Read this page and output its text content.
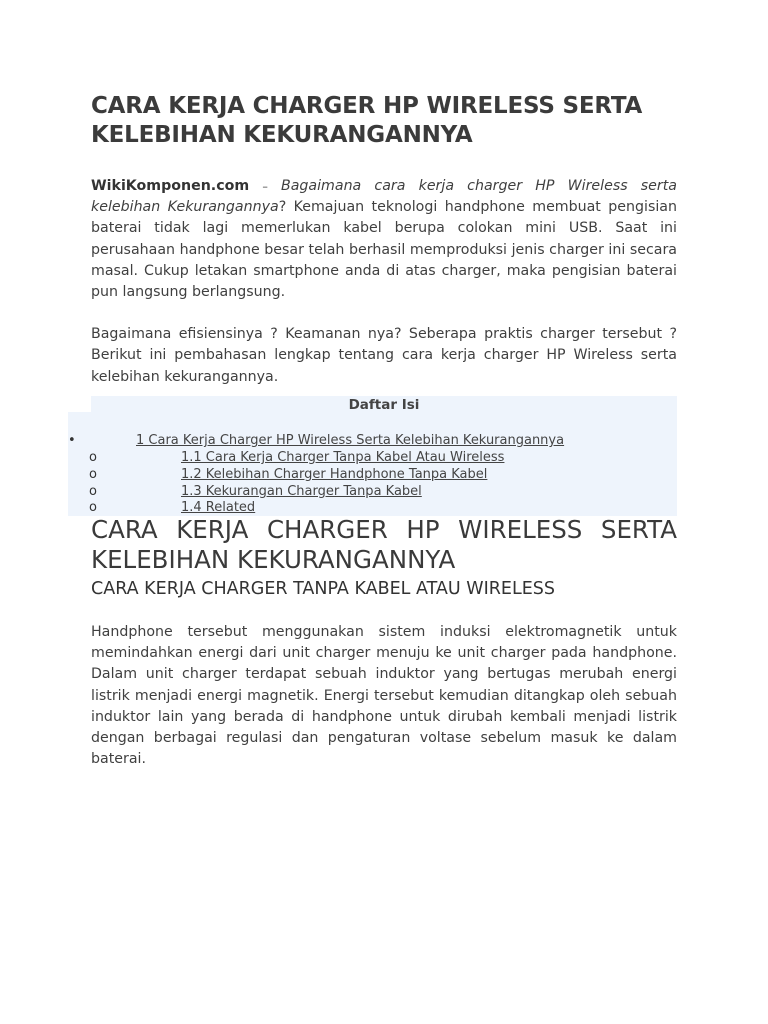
CARA KERJA CHARGER HP WIRELESS SERTA KELEBIHAN KEKURANGANNYA

WikiKomponen.com – Bagaimana cara kerja charger HP Wireless serta kelebihan Kekurangannya? Kemajuan teknologi handphone membuat pengisian baterai tidak lagi memerlukan kabel berupa colokan mini USB. Saat ini perusahaan handphone besar telah berhasil memproduksi jenis charger ini secara masal. Cukup letakan smartphone anda di atas charger, maka pengisian baterai pun langsung berlangsung.

Bagaimana efisiensinya ? Keamanan nya? Seberapa praktis charger tersebut ? Berikut ini pembahasan lengkap tentang cara kerja charger HP Wireless serta kelebihan kekurangannya.

Daftar Isi
•	1 Cara Kerja Charger HP Wireless Serta Kelebihan Kekurangannya
o	1.1 Cara Kerja Charger Tanpa Kabel Atau Wireless
o	1.2 Kelebihan Charger Handphone Tanpa Kabel
o	1.3 Kekurangan Charger Tanpa Kabel
o	1.4 Related
CARA KERJA CHARGER HP WIRELESS SERTA
KELEBIHAN KEKURANGANNYA
CARA KERJA CHARGER TANPA KABEL ATAU WIRELESS

Handphone tersebut menggunakan sistem induksi elektromagnetik untuk memindahkan energi dari unit charger menuju ke unit charger pada handphone. Dalam unit charger terdapat sebuah induktor yang bertugas merubah energi listrik menjadi energi magnetik. Energi tersebut kemudian ditangkap oleh sebuah induktor lain yang berada di handphone untuk dirubah kembali menjadi listrik dengan berbagai regulasi dan pengaturan voltase sebelum masuk ke dalam baterai.
